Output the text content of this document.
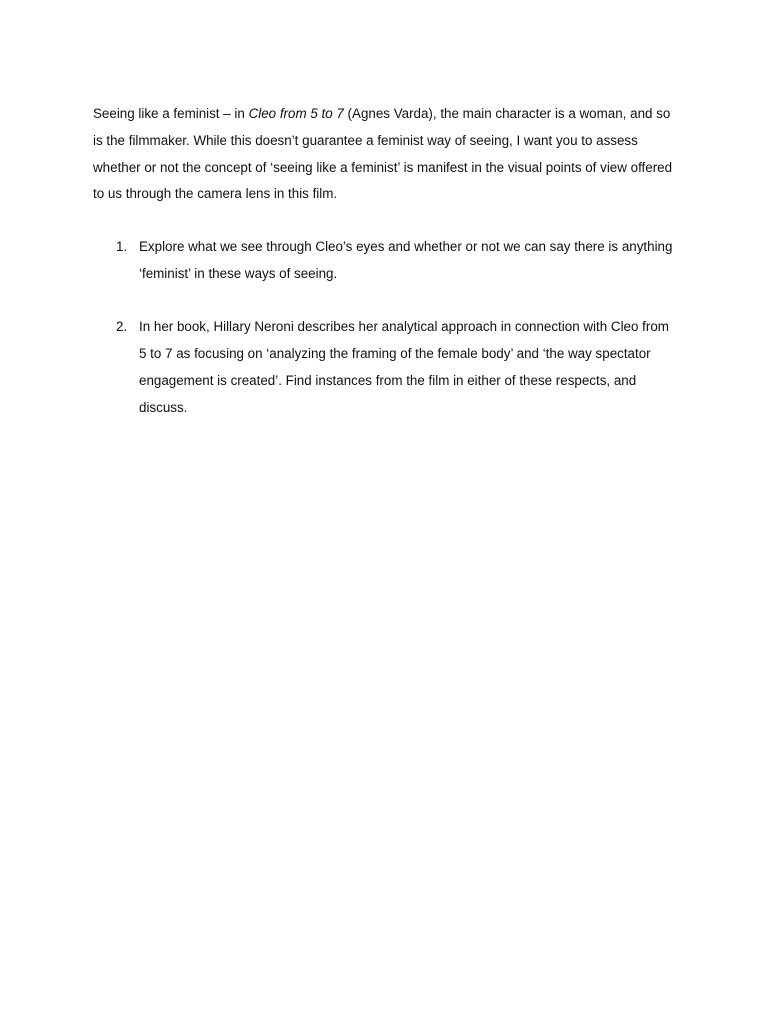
Seeing like a feminist – in Cleo from 5 to 7 (Agnes Varda), the main character is a woman, and so is the filmmaker. While this doesn’t guarantee a feminist way of seeing, I want you to assess whether or not the concept of ‘seeing like a feminist’ is manifest in the visual points of view offered to us through the camera lens in this film.

1. Explore what we see through Cleo’s eyes and whether or not we can say there is anything ‘feminist’ in these ways of seeing.
2. In her book, Hillary Neroni describes her analytical approach in connection with Cleo from 5 to 7 as focusing on ‘analyzing the framing of the female body’ and ‘the way spectator engagement is created’. Find instances from the film in either of these respects, and discuss.
